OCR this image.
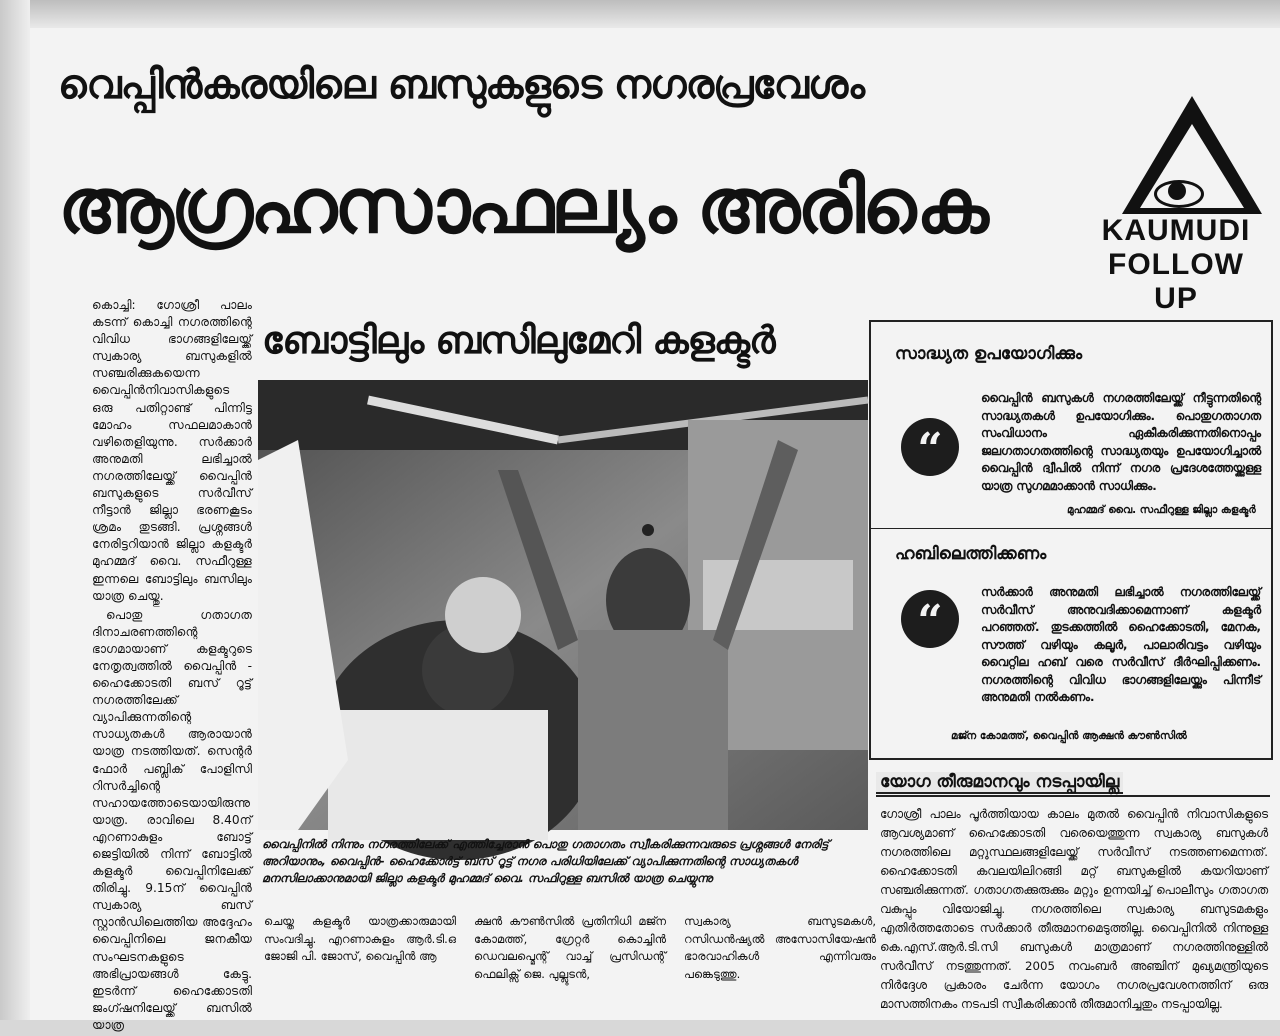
വെപ്പിൻകരയിലെ ബസുകളുടെ നഗരപ്രവേശം
ആഗ്രഹസാഫല്യം അരികെ	KAUMUDI
FOLLOW UP

കൊച്ചി: ഗോശ്രീ പാലം കടന്ന് കൊച്ചി നഗരത്തിന്റെ വിവിധ ഭാഗങ്ങളിലേയ്ക്ക് സ്വകാര്യ ബസുകളിൽ സഞ്ചരിക്കുകയെന്ന വൈപ്പിൻനിവാസികളുടെ ഒരു പതിറ്റാണ്ട് പിന്നിട്ട മോഹം സഫലമാകാൻ വഴിതെളിയുന്നു. സർക്കാർ അനുമതി ലഭിച്ചാൽ നഗരത്തിലേയ്ക്ക് വൈപ്പിൻ ബസുകളുടെ സർവീസ് നീട്ടാൻ ജില്ലാ ഭരണകൂടം ശ്രമം തുടങ്ങി. പ്രശ്നങ്ങൾ നേരിട്ടറിയാൻ ജില്ലാ കളക്ടർ മുഹമ്മദ് വൈ. സഫീറുള്ള ഇന്നലെ ബോട്ടിലും ബസിലും യാത്ര ചെയ്തു.

പൊതു ഗതാഗത ദിനാചരണത്തിന്റെ ഭാഗമായാണ് കളക്ടറുടെ നേതൃത്വത്തിൽ വൈപ്പിൻ - ഹൈക്കോടതി ബസ് റൂട്ട് നഗരത്തിലേക്ക് വ്യാപിക്കുന്നതിന്റെ സാധ്യതകൾ ആരായാൻ യാത്ര നടത്തിയത്. സെന്റർ ഫോർ പബ്ലിക് പോളിസി റിസർച്ചിന്റെ സഹായത്തോടെയായിരുന്നു യാത്ര. രാവിലെ 8.40ന് എറണാകുളം ബോട്ട് ജെട്ടിയിൽ നിന്ന് ബോട്ടിൽ കളക്ടർ വൈപ്പിനിലേക്ക് തിരിച്ചു. 9.15ന് വൈപ്പിൻ സ്വകാര്യ ബസ് സ്റ്റാൻഡിലെത്തിയ അദ്ദേഹം വൈപ്പിനിലെ ജനകീയ സംഘടനകളുടെ അഭിപ്രായങ്ങൾ കേട്ടു. ഇടർന്ന് ഹൈക്കോടതി ജംഗ്ഷനിലേയ്ക്ക് ബസിൽ യാത്ര

ബോട്ടിലും ബസിലുമേറി കളക്ടർ
വൈപ്പിനിൽ നിന്നും നഗരത്തിലേക്ക് എത്തിച്ചേരാൻ പൊതു ഗതാഗതം സ്വീകരിക്കുന്നവരുടെ പ്രശ്നങ്ങൾ നേരിട്ട് അറിയാനും, വൈപ്പിൻ- ഹൈക്കോർട്ട് ബസ് റൂട്ട് നഗര പരിധിയിലേക്ക് വ്യാപിക്കുന്നതിന്റെ സാധ്യതകൾ മനസിലാക്കാനുമായി ജില്ലാ കളക്ടർ മുഹമ്മദ് വൈ. സഫിറുള്ള ബസിൽ യാത്ര ചെയ്യുന്നു
ചെയ്ത കളക്ടർ യാത്രക്കാരുമായി സംവദിച്ചു. എറണാകുളം ആർ.ടി.ഒ ജോജി പി. ജോസ്, വൈപ്പിൻ ആ
ക്ഷൻ കൗൺസിൽ പ്രതിനിധി മജ്ന കോമത്ത്, ഗ്രേറ്റർ കൊച്ചിൻ ഡെവലപ്മെന്റ് വാച്ച് പ്രസിഡന്റ് ഫെലിക്സ് ജെ. പുല്ലൂടൻ,
സ്വകാര്യ ബസുടമകൾ, റസിഡൻഷ്യൽ അസോസിയേഷൻ ഭാരവാഹികൾ എന്നിവരും പങ്കെടുത്തു.
സാദ്ധ്യത ഉപയോഗിക്കും
“
വൈപ്പിൻ ബസുകൾ നഗരത്തിലേയ്ക്ക് നീട്ടുന്നതിന്റെ സാദ്ധ്യതകൾ ഉപയോഗിക്കും. പൊതുഗതാഗത സംവിധാനം ഏകീകരിക്കുന്നതിനൊപ്പം ജലഗതാഗതത്തിന്റെ സാദ്ധ്യതയും ഉപയോഗിച്ചാൽ വൈപ്പിൻ ദ്വീപിൽ നിന്ന് നഗര പ്രദേശത്തേയ്ക്കുള്ള യാത്ര സുഗമമാക്കാൻ സാധിക്കും.
മുഹമ്മദ് വൈ. സഫീറുള്ള ജില്ലാ കളക്ടർ
ഹബിലെത്തിക്കണം
“
സർക്കാർ അനുമതി ലഭിച്ചാൽ നഗരത്തിലേയ്ക്ക് സർവീസ് അനുവദിക്കാമെന്നാണ് കളക്ടർ പറഞ്ഞത്. തുടക്കത്തിൽ ഹൈക്കോടതി, മേനക, സൗത്ത് വഴിയും കലൂർ, പാലാരിവട്ടം വഴിയും വൈറ്റില ഹബ് വരെ സർവീസ് ദീർഘിപ്പിക്കണം. നഗരത്തിന്റെ വിവിധ ഭാഗങ്ങളിലേയ്ക്കും പിന്നീട് അനുമതി നൽകണം.
മജ്ന കോമത്ത്, വൈപ്പിൻ ആക്ഷൻ കൗൺസിൽ
യോഗ തീരുമാനവും നടപ്പായില്ല
ഗോശ്രീ പാലം പൂർത്തിയായ കാലം മുതൽ വൈപ്പിൻ നിവാസികളുടെ ആവശ്യമാണ് ഹൈക്കോടതി വരെയെത്തുന്ന സ്വകാര്യ ബസുകൾ നഗരത്തിലെ മറ്റുസ്ഥലങ്ങളിലേയ്ക്ക് സർവീസ് നടത്തണമെന്നത്. ഹൈക്കോടതി കവലയിലിറങ്ങി മറ്റ് ബസുകളിൽ കയറിയാണ് സഞ്ചരിക്കുന്നത്. ഗതാഗതക്കുരുക്കും മറ്റും ഉന്നയിച്ച് പൊലീസും ഗതാഗത വകുപ്പും വിയോജിച്ചു. നഗരത്തിലെ സ്വകാര്യ ബസുടമകളും എതിർത്തതോടെ സർക്കാർ തീരുമാനമെടുത്തില്ല. വൈപ്പിനിൽ നിന്നുള്ള കെ.എസ്.ആർ.ടി.സി ബസുകൾ മാത്രമാണ് നഗരത്തിനുള്ളിൽ സർവീസ് നടത്തുന്നത്. 2005 നവംബർ അഞ്ചിന് മുഖ്യമന്ത്രിയുടെ നിർദ്ദേശ പ്രകാരം ചേർന്ന യോഗം നഗരപ്രവേശനത്തിന് ഒരു മാസത്തിനകം നടപടി സ്വീകരിക്കാൻ തീരുമാനിച്ചതും നടപ്പായില്ല.
